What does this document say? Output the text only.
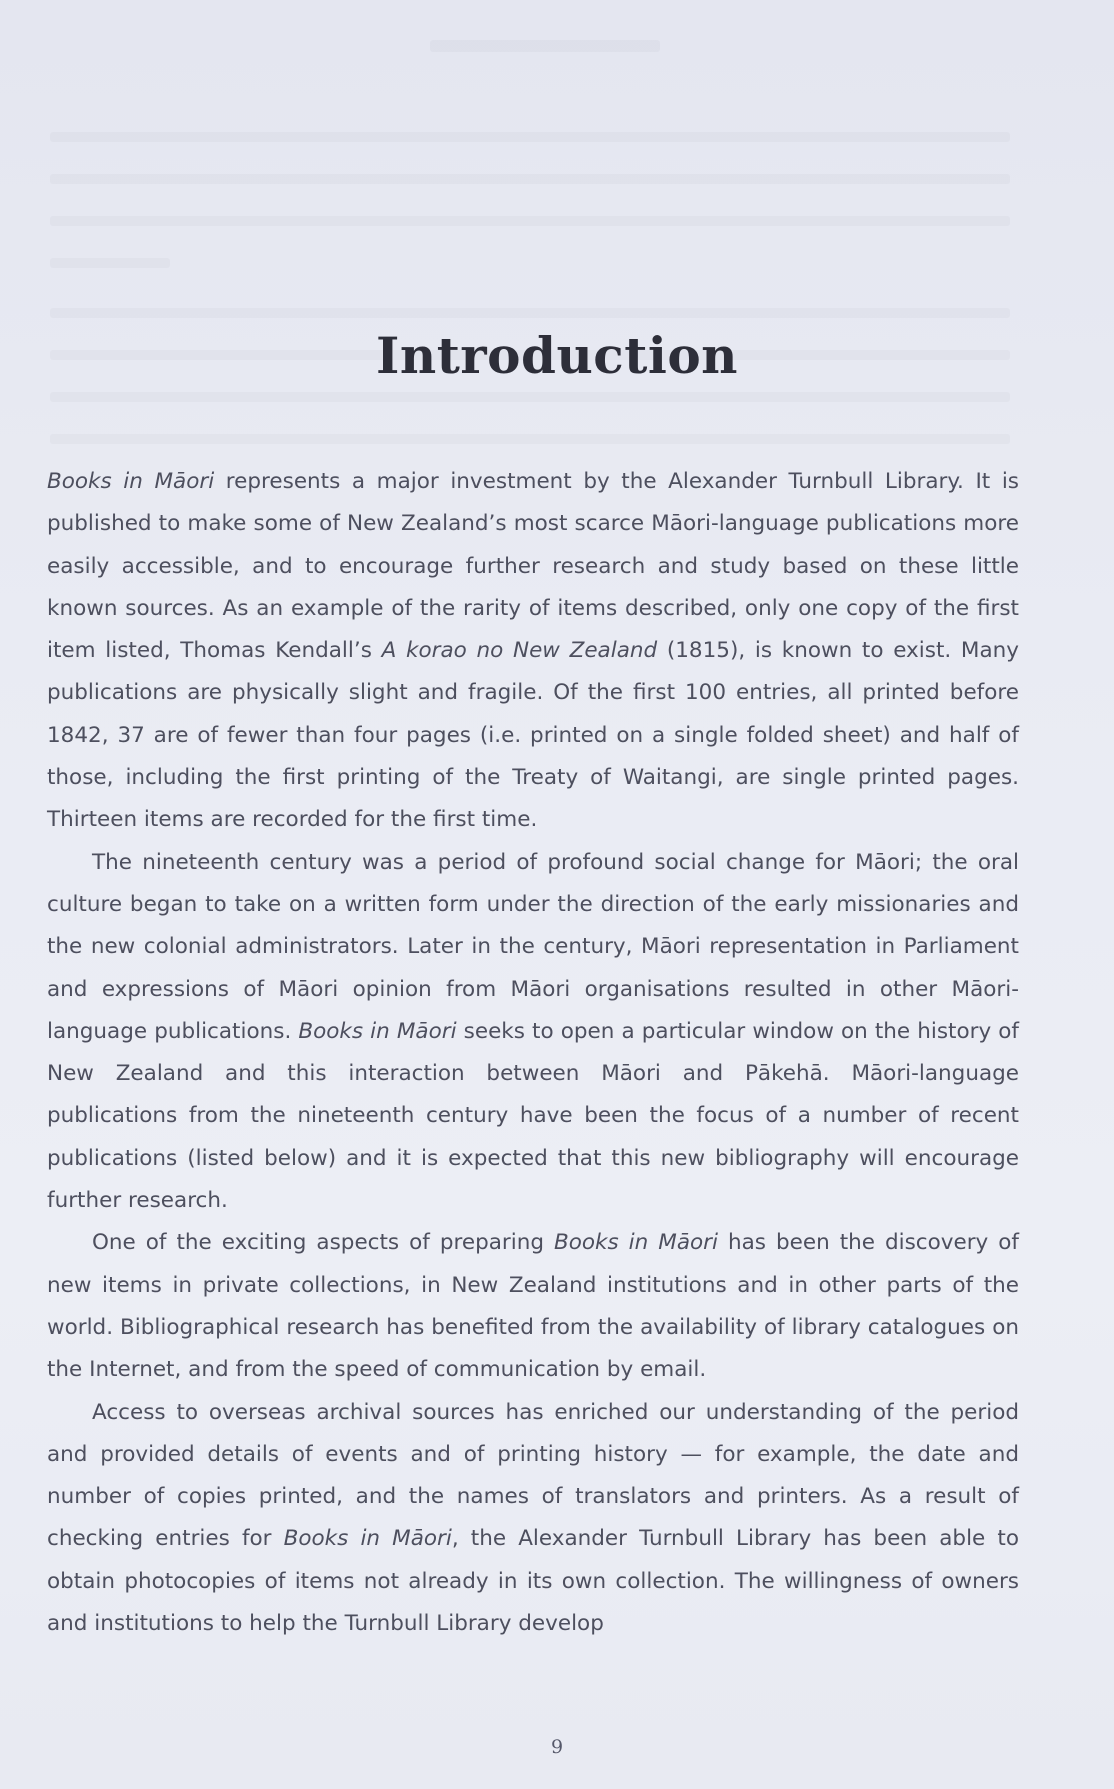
Introduction

Books in Māori represents a major investment by the Alexander Turnbull Library. It is published to make some of New Zealand’s most scarce Māori-language publications more easily accessible, and to encourage further research and study based on these little known sources. As an example of the rarity of items described, only one copy of the first item listed, Thomas Kendall’s A korao no New Zealand (1815), is known to exist. Many publications are physically slight and fragile. Of the first 100 entries, all printed before 1842, 37 are of fewer than four pages (i.e. printed on a single folded sheet) and half of those, including the first printing of the Treaty of Waitangi, are single printed pages. Thirteen items are recorded for the first time.

The nineteenth century was a period of profound social change for Māori; the oral culture began to take on a written form under the direction of the early missionaries and the new colonial administrators. Later in the century, Māori representation in Parliament and expressions of Māori opinion from Māori organisations resulted in other Māori-language publications. Books in Māori seeks to open a particular window on the history of New Zealand and this interaction between Māori and Pākehā. Māori-language publications from the nineteenth century have been the focus of a number of recent publications (listed below) and it is expected that this new bibliography will encourage further research.

One of the exciting aspects of preparing Books in Māori has been the discovery of new items in private collections, in New Zealand institutions and in other parts of the world. Bibliographical research has benefited from the availability of library catalogues on the Internet, and from the speed of communication by email.

Access to overseas archival sources has enriched our understanding of the period and provided details of events and of printing history — for example, the date and number of copies printed, and the names of translators and printers. As a result of checking entries for Books in Māori, the Alexander Turnbull Library has been able to obtain photocopies of items not already in its own collection. The willingness of owners and institutions to help the Turnbull Library develop

9
